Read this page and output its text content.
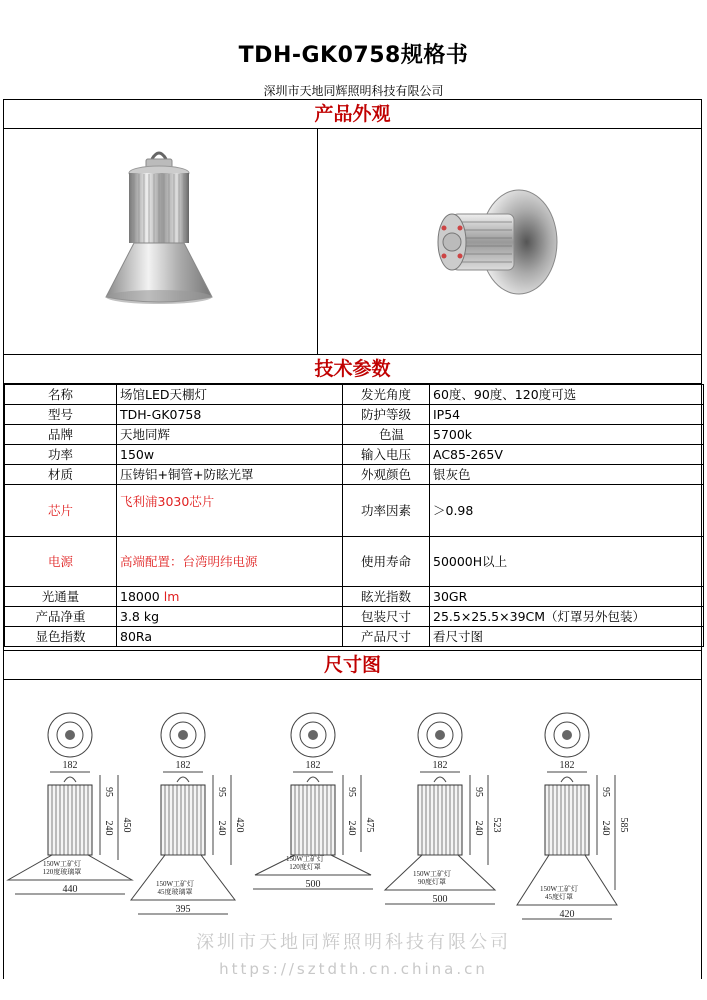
TDH-GK0758规格书
深圳市天地同辉照明科技有限公司
产品外观
技术参数
名称	场馆LED天棚灯	发光角度	60度、90度、120度可选
型号	TDH-GK0758	防护等级	IP54
品牌	天地同辉	色温	5700k
功率	150w	输入电压	AC85-265V
材质	压铸铝+铜管+防眩光罩	外观颜色	银灰色
芯片	飞利浦3030芯片	功率因素	＞0.98
电源	高端配置：台湾明纬电源	使用寿命	50000H以上
光通量	18000 lm	眩光指数	30GR
产品净重	3.8 kg	包装尺寸	25.5×25.5×39CM（灯罩另外包装）
显色指数	80Ra	产品尺寸	看尺寸图
尺寸图
182
95
240 450
150W工矿灯
120度玻璃罩
440
182
95
240 420
150W工矿灯
45度玻璃罩
395
182
95
240 475
150W工矿灯
120度灯罩
500
182
95
240 523
150W工矿灯
90度灯罩
500
182
95
240 585
150W工矿灯
45度灯罩
420
深圳市天地同辉照明科技有限公司
https://sztdth.cn.china.cn
